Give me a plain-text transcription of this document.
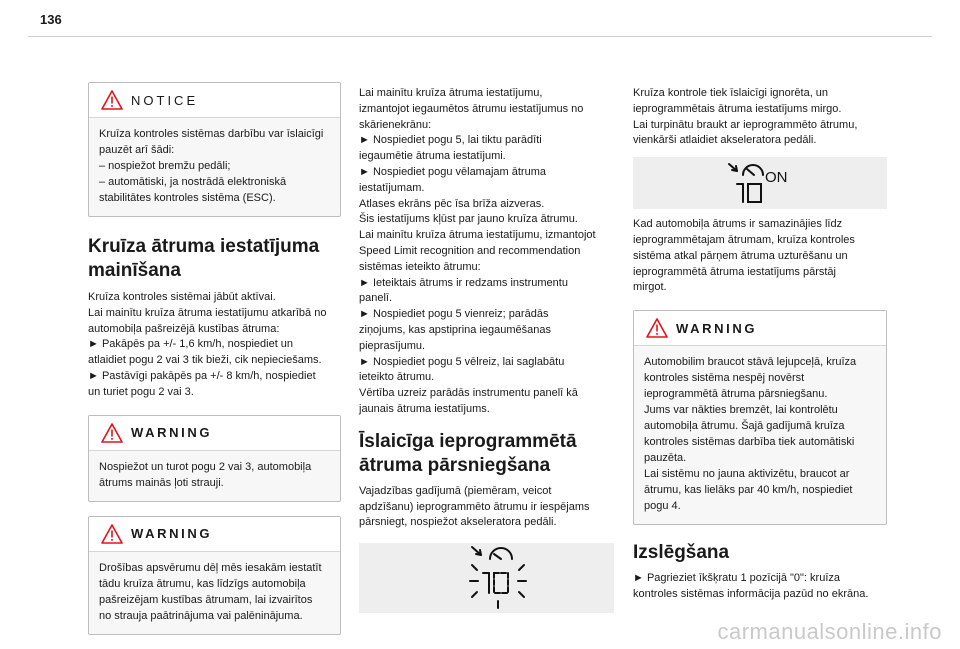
136
NOTICE

Kruīza kontroles sistēmas darbību var īslaicīgi

pauzēt arī šādi:

– nospiežot bremžu pedāli;

– automātiski, ja nostrādā elektroniskā

stabilitātes kontroles sistēma (ESC).

Kruīza ātruma iestatījuma
mainīšana

Kruīza kontroles sistēmai jābūt aktīvai.

Lai mainītu kruīza ātruma iestatījumu atkarībā no

automobiļa pašreizējā kustības ātruma:

► Pakāpēs pa +/- 1,6 km/h, nospiediet un

atlaidiet pogu 2 vai 3 tik bieži, cik nepieciešams.

► Pastāvīgi pakāpēs pa +/- 8 km/h, nospiediet

un turiet pogu 2 vai 3.

WARNING

Nospiežot un turot pogu 2 vai 3, automobiļa

ātrums mainās ļoti strauji.

WARNING

Drošības apsvērumu dēļ mēs iesakām iestatīt

tādu kruīza ātrumu, kas līdzīgs automobiļa

pašreizējam kustības ātrumam, lai izvairītos

no strauja paātrinājuma vai palēninājuma.

Lai mainītu kruīza ātruma iestatījumu,

izmantojot iegaumētos ātrumu iestatījumus no

skārienekrānu:

► Nospiediet pogu 5, lai tiktu parādīti

iegaumētie ātruma iestatījumi.

► Nospiediet pogu vēlamajam ātruma

iestatījumam.

Atlases ekrāns pēc īsa brīža aizveras.

Šis iestatījums kļūst par jauno kruīza ātrumu.

Lai mainītu kruīza ātruma iestatījumu, izmantojot

Speed Limit recognition and recommendation

sistēmas ieteikto ātrumu:

► Ieteiktais ātrums ir redzams instrumentu

panelī.

► Nospiediet pogu 5 vienreiz; parādās

ziņojums, kas apstiprina iegaumēšanas

pieprasījumu.

► Nospiediet pogu 5 vēlreiz, lai saglabātu

ieteikto ātrumu.

Vērtība uzreiz parādās instrumentu panelī kā

jaunais ātruma iestatījums.

Īslaicīga ieprogrammētā
ātruma pārsniegšana

Vajadzības gadījumā (piemēram, veicot

apdzīšanu) ieprogrammēto ātrumu ir iespējams

pārsniegt, nospiežot akseleratora pedāli.

Kruīza kontrole tiek īslaicīgi ignorēta, un

ieprogrammētais ātruma iestatījums mirgo.

Lai turpinātu braukt ar ieprogrammēto ātrumu,

vienkārši atlaidiet akseleratora pedāli.

ON

Kad automobiļa ātrums ir samazinājies līdz

ieprogrammētajam ātrumam, kruīza kontroles

sistēma atkal pārņem ātruma uzturēšanu un

ieprogrammētā ātruma iestatījums pārstāj

mirgot.

WARNING

Automobilim braucot stāvā lejupceļā, kruīza

kontroles sistēma nespēj novērst

ieprogrammētā ātruma pārsniegšanu.

Jums var nākties bremzēt, lai kontrolētu

automobiļa ātrumu. Šajā gadījumā kruīza

kontroles sistēmas darbība tiek automātiski

pauzēta.

Lai sistēmu no jauna aktivizētu, braucot ar

ātrumu, kas lielāks par 40 km/h, nospiediet

pogu 4.

Izslēgšana

► Pagrieziet īkšķratu 1 pozīcijā "0": kruīza

kontroles sistēmas informācija pazūd no ekrāna.

carmanualsonline.info
